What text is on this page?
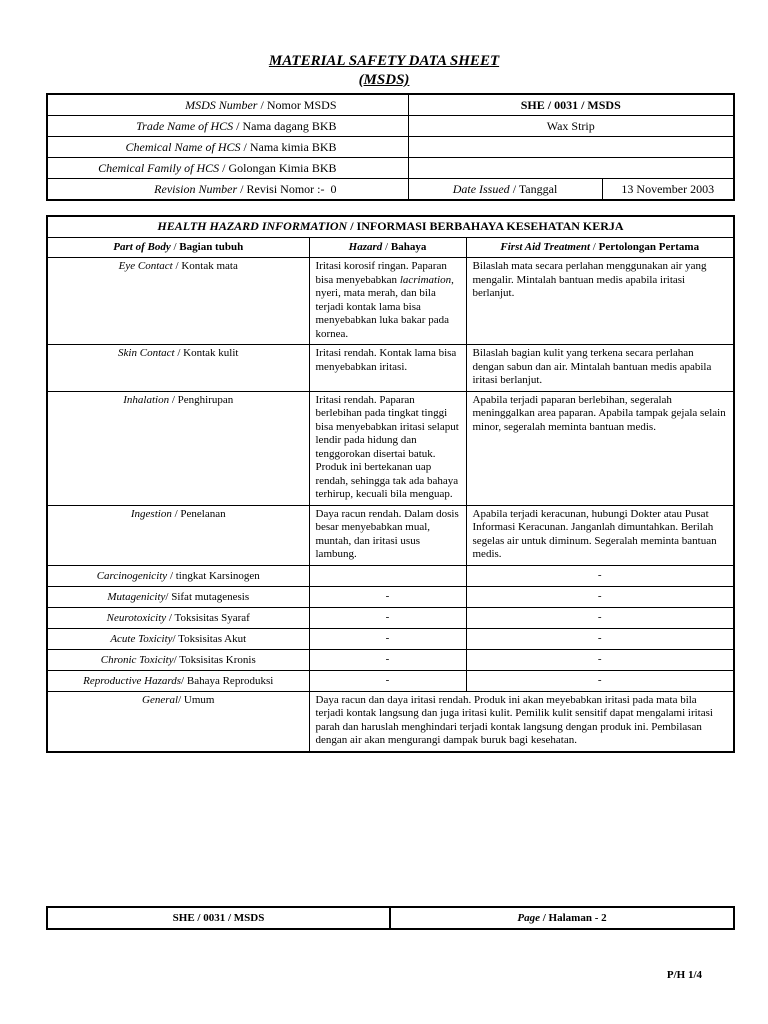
MATERIAL SAFETY DATA SHEET
(MSDS)
MSDS Number / Nomor MSDS	SHE / 0031 / MSDS	
Trade Name of HCS / Nama dagang BKB	Wax Strip	
Chemical Name of HCS / Nama kimia BKB		
Chemical Family of HCS / Golongan Kimia BKB		
Revision Number / Revisi Nomor :- 0	Date Issued / Tanggal	13 November 2003
HEALTH HAZARD INFORMATION / INFORMASI BERBAHAYA KESEHATAN KERJA		
Part of Body / Bagian tubuh	Hazard / Bahaya	First Aid Treatment / Pertolongan Pertama
Eye Contact / Kontak mata	Iritasi korosif ringan. Paparan bisa menyebabkan lacrimation, nyeri, mata merah, dan bila terjadi kontak lama bisa menyebabkan luka bakar pada kornea.	Bilaslah mata secara perlahan menggunakan air yang mengalir. Mintalah bantuan medis apabila iritasi berlanjut.
Skin Contact / Kontak kulit	Iritasi rendah. Kontak lama bisa menyebabkan iritasi.	Bilaslah bagian kulit yang terkena secara perlahan dengan sabun dan air. Mintalah bantuan medis apabila iritasi berlanjut.
Inhalation / Penghirupan	Iritasi rendah. Paparan berlebihan pada tingkat tinggi bisa menyebabkan iritasi selaput lendir pada hidung dan tenggorokan disertai batuk. Produk ini bertekanan uap rendah, sehingga tak ada bahaya terhirup, kecuali bila menguap.	Apabila terjadi paparan berlebihan, segeralah meninggalkan area paparan. Apabila tampak gejala selain minor, segeralah meminta bantuan medis.
Ingestion / Penelanan	Daya racun rendah. Dalam dosis besar menyebabkan mual, muntah, dan iritasi usus lambung.	Apabila terjadi keracunan, hubungi Dokter atau Pusat Informasi Keracunan. Janganlah dimuntahkan. Berilah segelas air untuk diminum. Segeralah meminta bantuan medis.
Carcinogenicity / tingkat Karsinogen		-
Mutagenicity/ Sifat mutagenesis	-	-
Neurotoxicity / Toksisitas Syaraf	-	-
Acute Toxicity/ Toksisitas Akut	-	-
Chronic Toxicity/ Toksisitas Kronis	-	-
Reproductive Hazards/ Bahaya Reproduksi	-	-
General/ Umum	Daya racun dan daya iritasi rendah. Produk ini akan meyebabkan iritasi pada mata bila terjadi kontak langsung dan juga iritasi kulit. Pemilik kulit sensitif dapat mengalami iritasi parah dan haruslah menghindari terjadi kontak langsung dengan produk ini. Pembilasan dengan air akan mengurangi dampak buruk bagi kesehatan.	
SHE / 0031 / MSDS	Page / Halaman - 2
P/H 1/4
